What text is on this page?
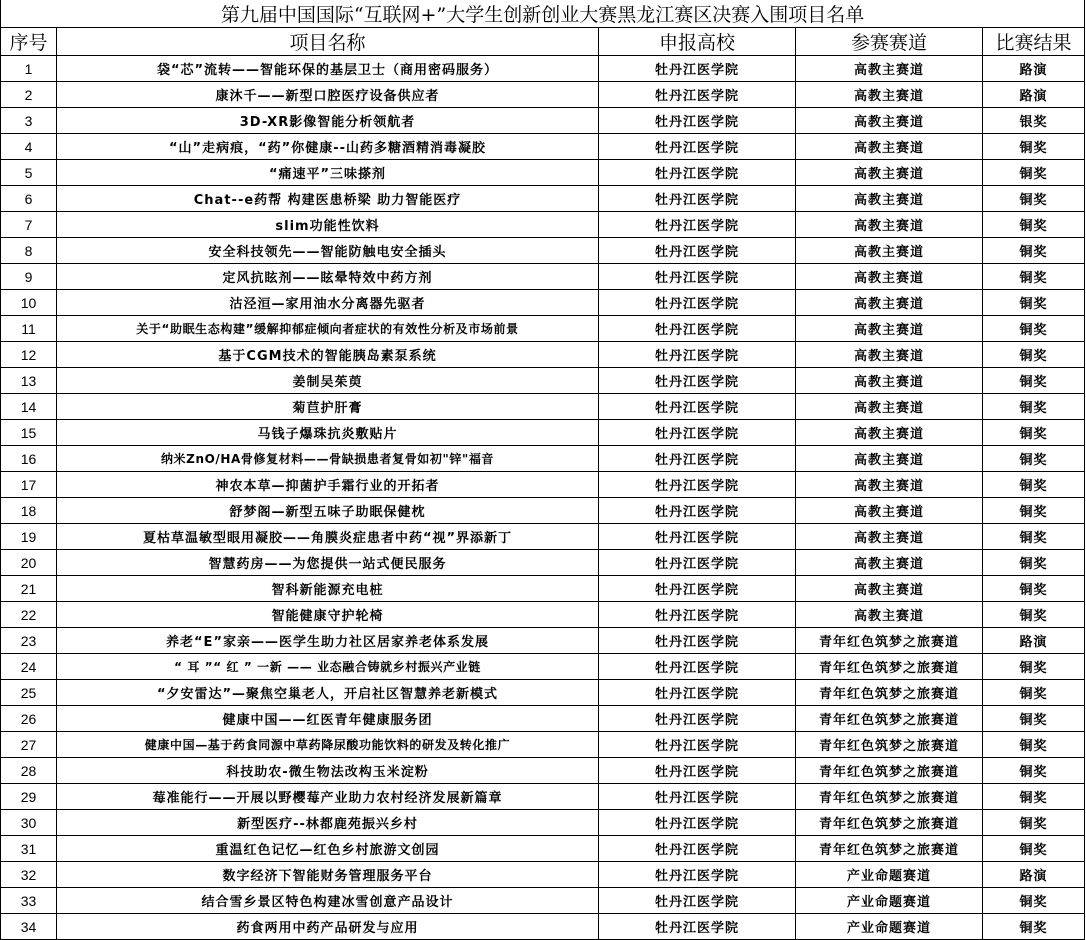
第九届中国国际“互联网+”大学生创新创业大赛黑龙江赛区决赛入围项目名单				
序号	项目名称	申报高校	参赛赛道	比赛结果
1	袋“芯”流转——智能环保的基层卫士（商用密码服务）	牡丹江医学院	高教主赛道	路演
2	康沐千——新型口腔医疗设备供应者	牡丹江医学院	高教主赛道	路演
3	3D-XR影像智能分析领航者	牡丹江医学院	高教主赛道	银奖
4	“山”走病痕，“药”你健康--山药多糖酒精消毒凝胶	牡丹江医学院	高教主赛道	铜奖
5	“痛速平”三味搽剂	牡丹江医学院	高教主赛道	铜奖
6	Chat--e药帮 构建医患桥梁 助力智能医疗	牡丹江医学院	高教主赛道	铜奖
7	slim功能性饮料	牡丹江医学院	高教主赛道	铜奖
8	安全科技领先——智能防触电安全插头	牡丹江医学院	高教主赛道	铜奖
9	定风抗眩剂——眩晕特效中药方剂	牡丹江医学院	高教主赛道	铜奖
10	沽泾洹—家用油水分离器先驱者	牡丹江医学院	高教主赛道	铜奖
11	关于“助眠生态构建”缓解抑郁症倾向者症状的有效性分析及市场前景	牡丹江医学院	高教主赛道	铜奖
12	基于CGM技术的智能胰岛素泵系统	牡丹江医学院	高教主赛道	铜奖
13	姜制吴茱萸	牡丹江医学院	高教主赛道	铜奖
14	菊苣护肝膏	牡丹江医学院	高教主赛道	铜奖
15	马钱子爆珠抗炎敷贴片	牡丹江医学院	高教主赛道	铜奖
16	纳米ZnO/HA骨修复材料——骨缺损患者复骨如初"锌"福音	牡丹江医学院	高教主赛道	铜奖
17	神农本草—抑菌护手霜行业的开拓者	牡丹江医学院	高教主赛道	铜奖
18	舒梦阁—新型五味子助眠保健枕	牡丹江医学院	高教主赛道	铜奖
19	夏枯草温敏型眼用凝胶——角膜炎症患者中药“视”界添新丁	牡丹江医学院	高教主赛道	铜奖
20	智慧药房——为您提供一站式便民服务	牡丹江医学院	高教主赛道	铜奖
21	智科新能源充电桩	牡丹江医学院	高教主赛道	铜奖
22	智能健康守护轮椅	牡丹江医学院	高教主赛道	铜奖
23	养老“E”家亲——医学生助力社区居家养老体系发展	牡丹江医学院	青年红色筑梦之旅赛道	路演
24	“ 耳 ”“ 红 ” 一新 —— 业态融合铸就乡村振兴产业链	牡丹江医学院	青年红色筑梦之旅赛道	铜奖
25	“夕安雷达”—聚焦空巢老人，开启社区智慧养老新模式	牡丹江医学院	青年红色筑梦之旅赛道	铜奖
26	健康中国——红医青年健康服务团	牡丹江医学院	青年红色筑梦之旅赛道	铜奖
27	健康中国—基于药食同源中草药降尿酸功能饮料的研发及转化推广	牡丹江医学院	青年红色筑梦之旅赛道	铜奖
28	科技助农-微生物法改构玉米淀粉	牡丹江医学院	青年红色筑梦之旅赛道	铜奖
29	莓准能行——开展以野樱莓产业助力农村经济发展新篇章	牡丹江医学院	青年红色筑梦之旅赛道	铜奖
30	新型医疗--林都鹿苑振兴乡村	牡丹江医学院	青年红色筑梦之旅赛道	铜奖
31	重温红色记忆—红色乡村旅游文创园	牡丹江医学院	青年红色筑梦之旅赛道	铜奖
32	数字经济下智能财务管理服务平台	牡丹江医学院	产业命题赛道	路演
33	结合雪乡景区特色构建冰雪创意产品设计	牡丹江医学院	产业命题赛道	铜奖
34	药食两用中药产品研发与应用	牡丹江医学院	产业命题赛道	铜奖
